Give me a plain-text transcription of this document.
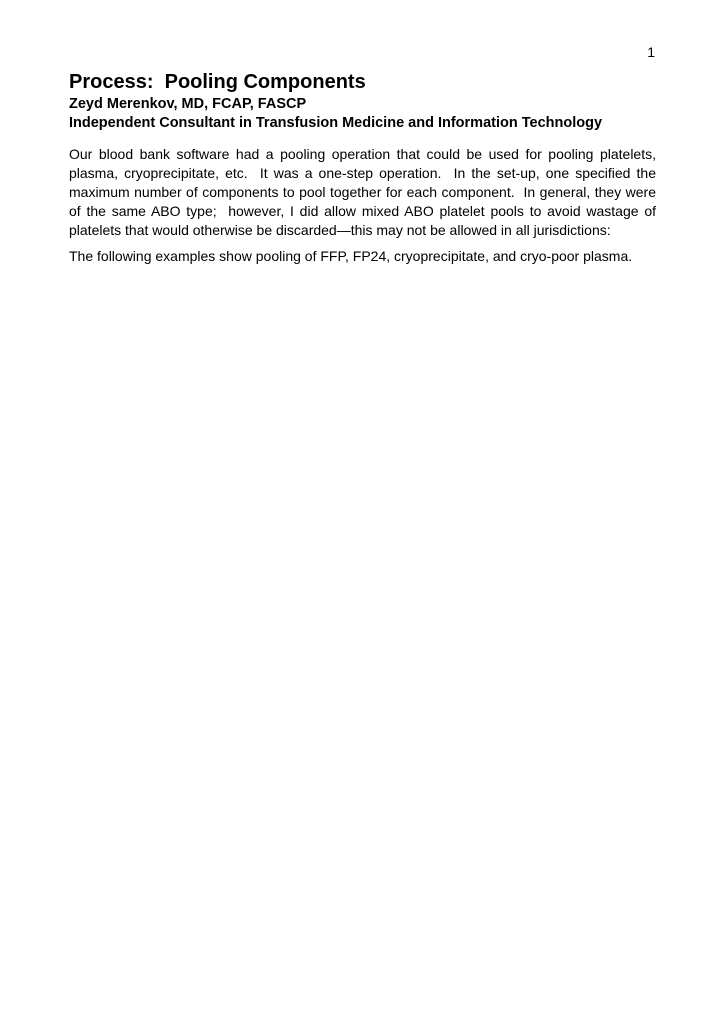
1
Process:  Pooling Components

Zeyd Merenkov, MD, FCAP, FASCP

Independent Consultant in Transfusion Medicine and Information Technology

Our blood bank software had a pooling operation that could be used for pooling platelets, plasma, cryoprecipitate, etc.  It was a one-step operation.  In the set-up, one specified the maximum number of components to pool together for each component.  In general, they were of the same ABO type;  however, I did allow mixed ABO platelet pools to avoid wastage of platelets that would otherwise be discarded—this may not be allowed in all jurisdictions:

The following examples show pooling of FFP, FP24, cryoprecipitate, and cryo-poor plasma.
